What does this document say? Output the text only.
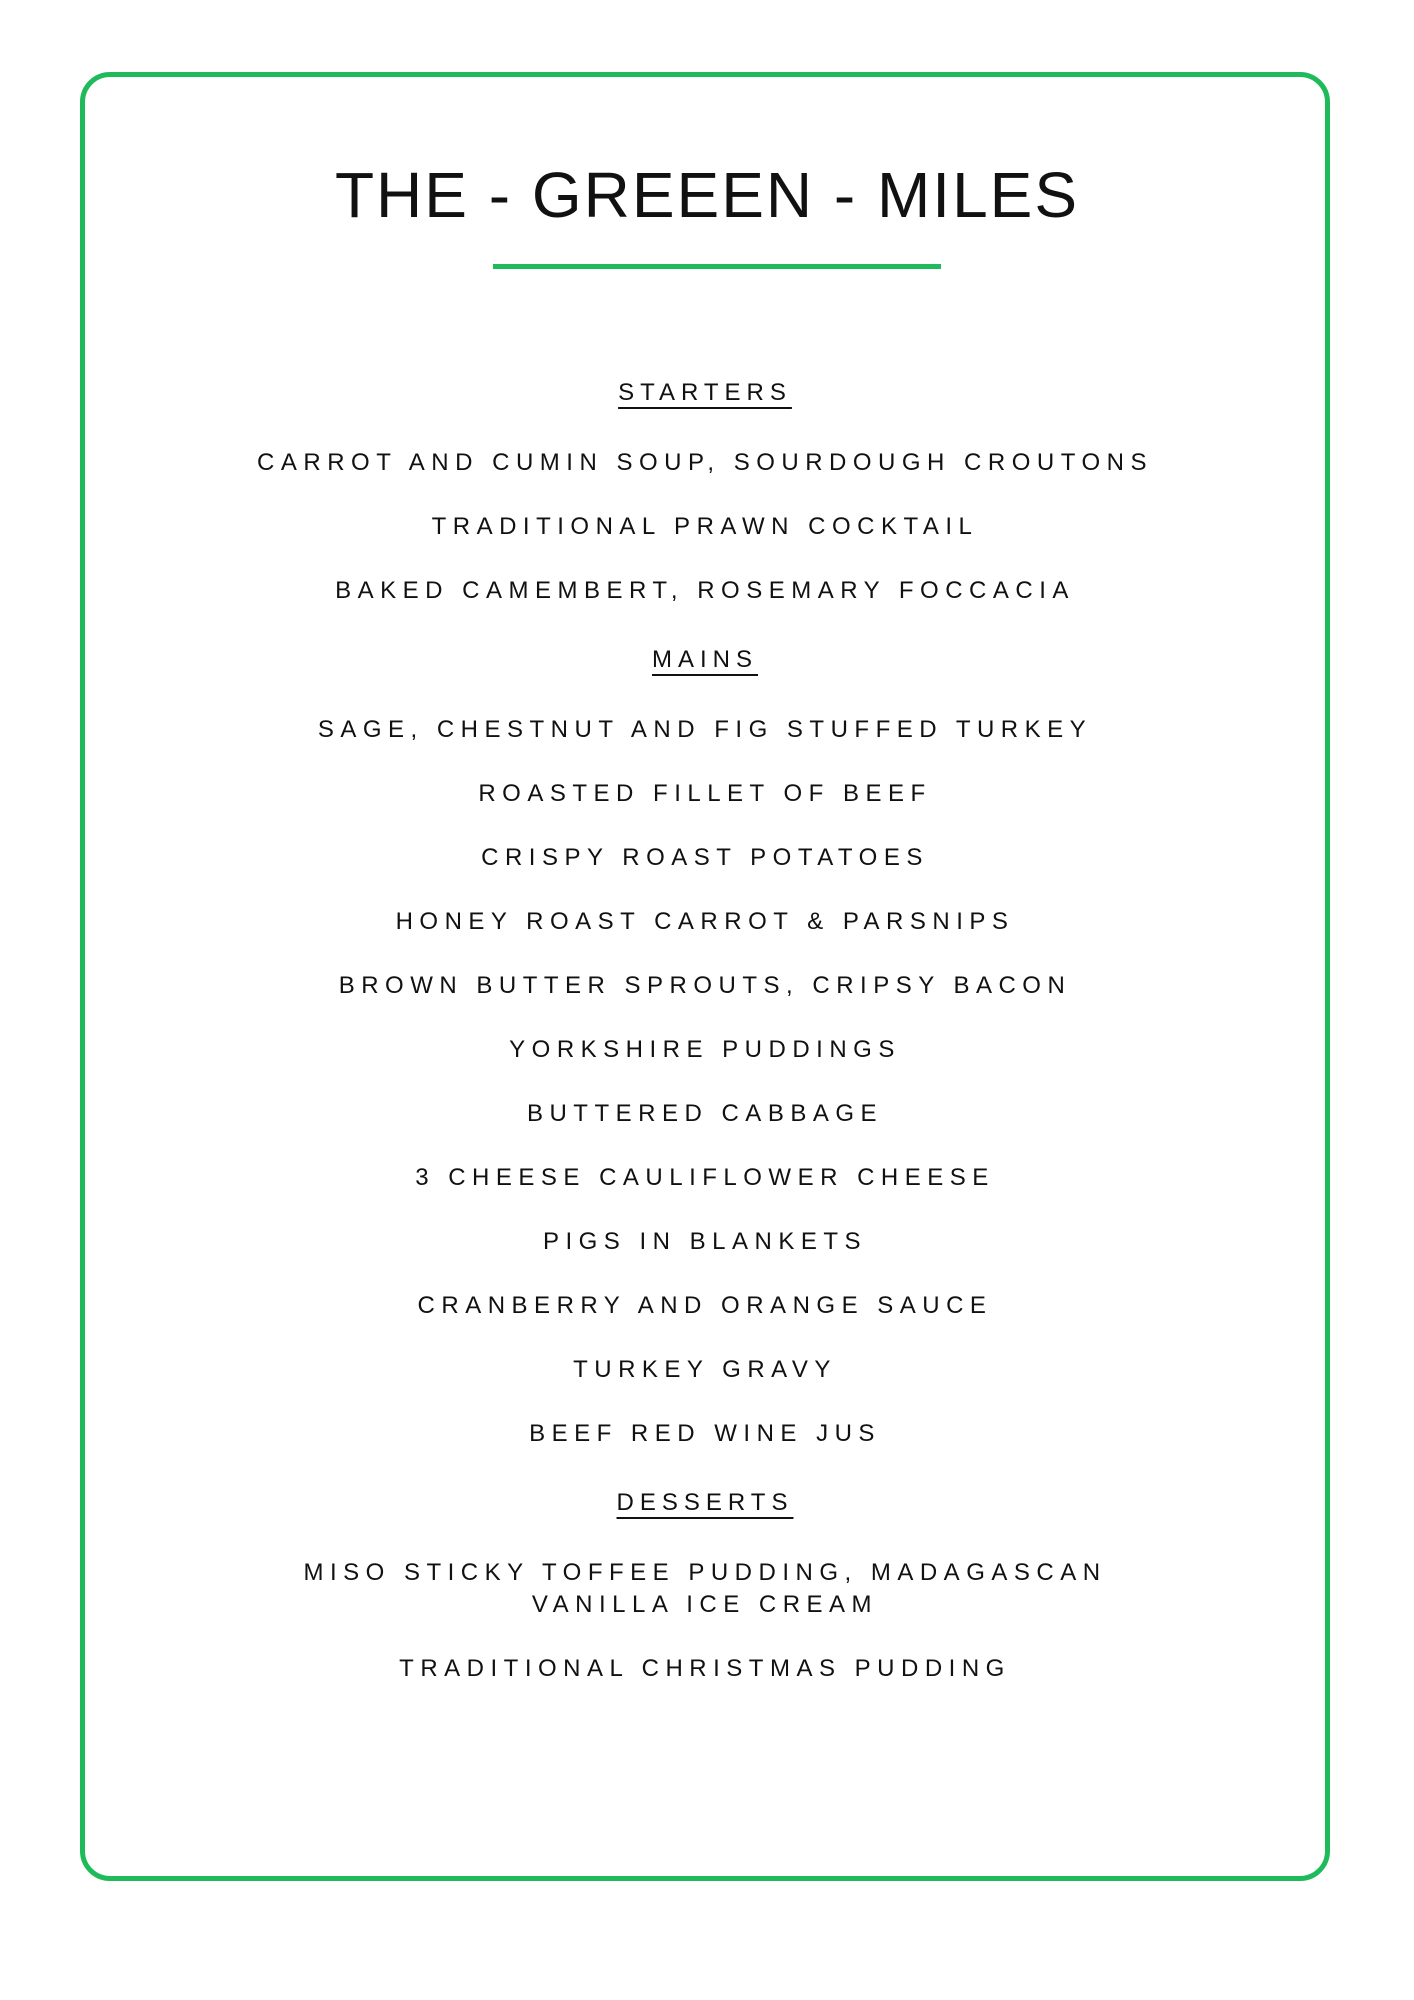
THE - GREEEN - MILES
STARTERS
CARROT AND CUMIN SOUP, SOURDOUGH CROUTONS
TRADITIONAL PRAWN COCKTAIL
BAKED CAMEMBERT, ROSEMARY FOCCACIA
MAINS
SAGE, CHESTNUT AND FIG STUFFED TURKEY
ROASTED FILLET OF BEEF
CRISPY ROAST POTATOES
HONEY ROAST CARROT & PARSNIPS
BROWN BUTTER SPROUTS, CRIPSY BACON
YORKSHIRE PUDDINGS
BUTTERED CABBAGE
3 CHEESE CAULIFLOWER CHEESE
PIGS IN BLANKETS
CRANBERRY AND ORANGE SAUCE
TURKEY GRAVY
BEEF RED WINE JUS
DESSERTS
MISO STICKY TOFFEE PUDDING, MADAGASCAN
VANILLA ICE CREAM
TRADITIONAL CHRISTMAS PUDDING
